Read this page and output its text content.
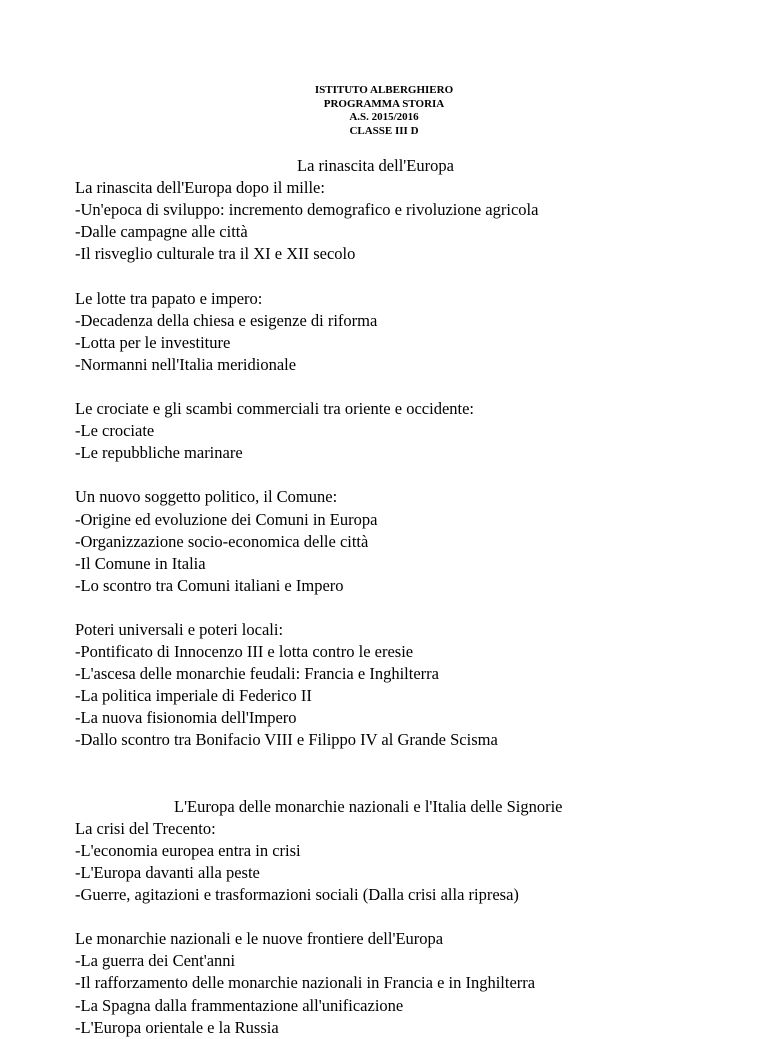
ISTITUTO ALBERGHIERO
PROGRAMMA STORIA
A.S. 2015/2016
CLASSE III D
La rinascita dell'Europa
La rinascita dell'Europa dopo il mille:
-Un'epoca di sviluppo: incremento demografico e rivoluzione agricola
-Dalle campagne alle città
-Il risveglio culturale tra il XI e XII secolo
Le lotte tra papato e impero:
-Decadenza della chiesa e esigenze di riforma
-Lotta per le investiture
-Normanni nell'Italia meridionale
Le crociate e gli scambi commerciali tra oriente e occidente:
-Le crociate
-Le repubbliche marinare
Un nuovo soggetto politico, il Comune:
-Origine ed evoluzione dei Comuni in Europa
-Organizzazione socio-economica delle città
-Il Comune in Italia
-Lo scontro tra Comuni italiani e Impero
Poteri universali e poteri locali:
-Pontificato di Innocenzo III e lotta contro le eresie
-L'ascesa delle monarchie feudali: Francia e Inghilterra
-La politica imperiale di Federico II
-La nuova fisionomia dell'Impero
-Dallo scontro tra Bonifacio VIII e Filippo IV al Grande Scisma
L'Europa delle monarchie nazionali e l'Italia delle Signorie
La crisi del Trecento:
-L'economia europea entra in crisi
-L'Europa davanti alla peste
-Guerre, agitazioni e trasformazioni sociali (Dalla crisi alla ripresa)
Le monarchie nazionali e le nuove frontiere dell'Europa
-La guerra dei Cent'anni
-Il rafforzamento delle monarchie nazionali in Francia e in Inghilterra
-La Spagna dalla frammentazione all'unificazione
-L'Europa orientale e la Russia
